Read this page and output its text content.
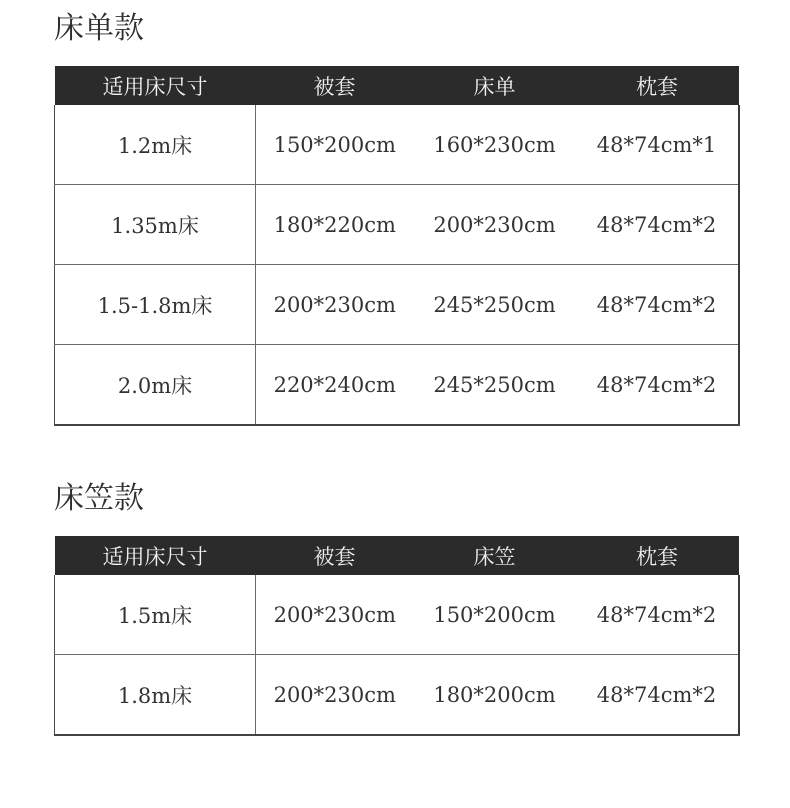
床单款
适用床尺寸	被套	床单	枕套
1.2m床	150*200cm	160*230cm	48*74cm*1
1.35m床	180*220cm	200*230cm	48*74cm*2
1.5-1.8m床	200*230cm	245*250cm	48*74cm*2
2.0m床	220*240cm	245*250cm	48*74cm*2
床笠款
适用床尺寸	被套	床笠	枕套
1.5m床	200*230cm	150*200cm	48*74cm*2
1.8m床	200*230cm	180*200cm	48*74cm*2
